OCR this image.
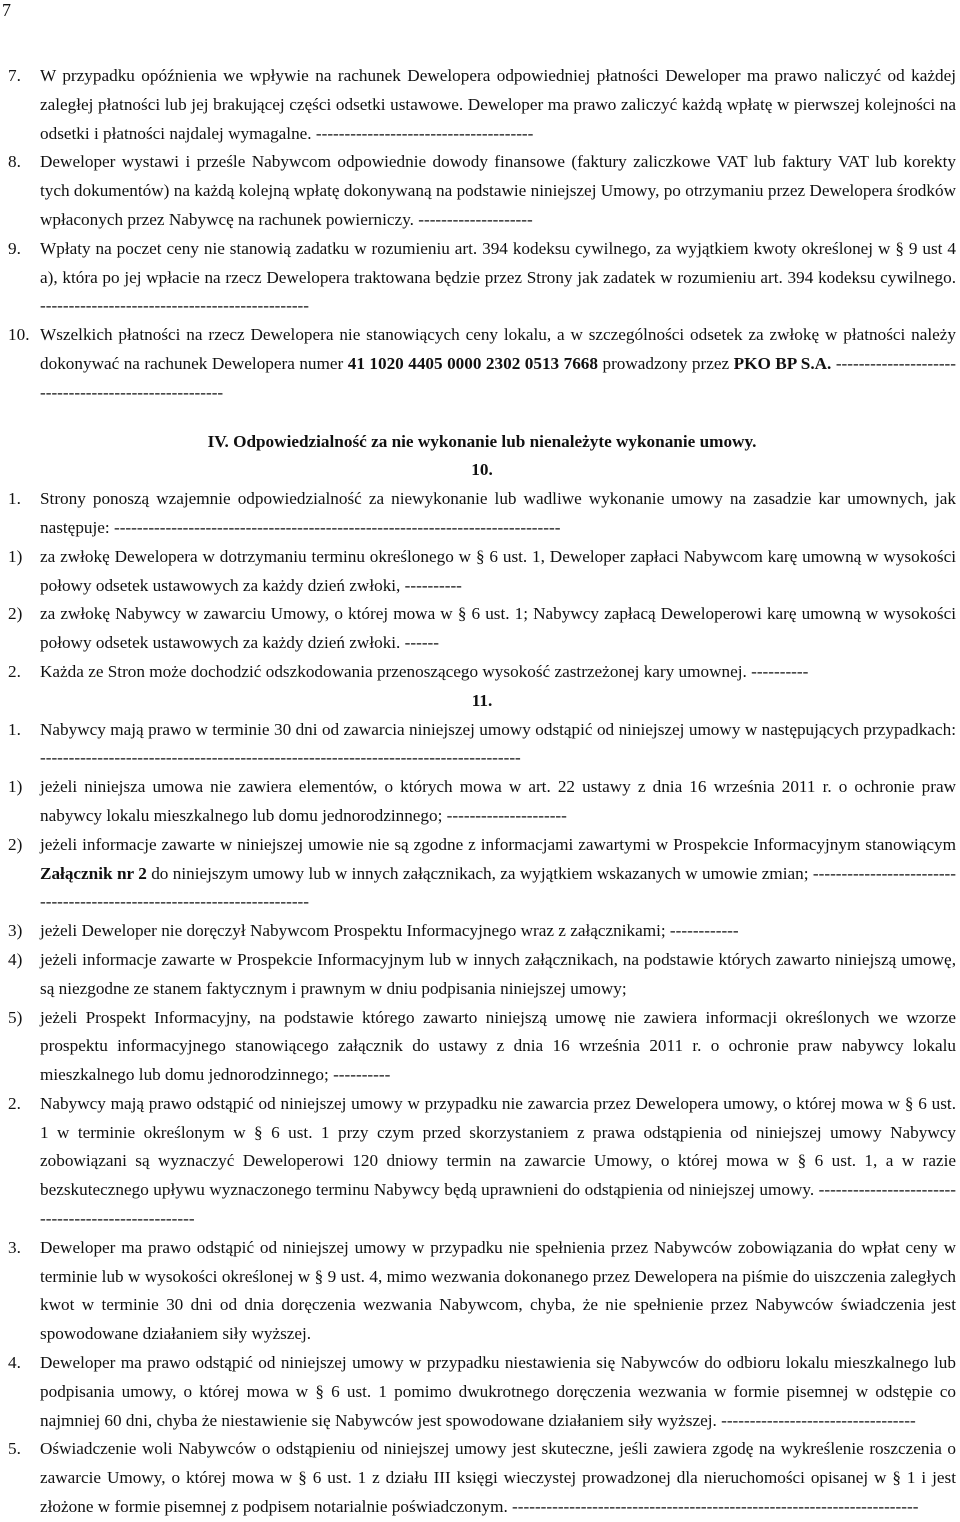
7
7. W przypadku opóźnienia we wpływie na rachunek Dewelopera odpowiedniej płatności Deweloper ma prawo naliczyć od każdej zaległej płatności lub jej brakującej części odsetki ustawowe. Deweloper ma prawo zaliczyć każdą wpłatę w pierwszej kolejności na odsetki i płatności najdalej wymagalne. --------------------------------------
8. Deweloper wystawi i prześle Nabywcom odpowiednie dowody finansowe (faktury zaliczkowe VAT lub faktury VAT lub korekty tych dokumentów) na każdą kolejną wpłatę dokonywaną na podstawie niniejszej Umowy, po otrzymaniu przez Dewelopera środków wpłaconych przez Nabywcę na rachunek powierniczy. --------------------
9. Wpłaty na poczet ceny nie stanowią zadatku w rozumieniu art. 394 kodeksu cywilnego, za wyjątkiem kwoty określonej w § 9 ust 4 a), która po jej wpłacie na rzecz Dewelopera traktowana będzie przez Strony jak zadatek w rozumieniu art. 394 kodeksu cywilnego. -----------------------------------------------
10. Wszelkich płatności na rzecz Dewelopera nie stanowiących ceny lokalu, a w szczególności odsetek za zwłokę w płatności należy dokonywać na rachunek Dewelopera numer 41 1020 4405 0000 2302 0513 7668 prowadzony przez PKO BP S.A. -----------------------------------------------------
IV. Odpowiedzialność za nie wykonanie lub nienależyte wykonanie umowy.
10.
1. Strony ponoszą wzajemnie odpowiedzialność za niewykonanie lub wadliwe wykonanie umowy na zasadzie kar umownych, jak następuje: ------------------------------------------------------------------------------
1) za zwłokę Dewelopera w dotrzymaniu terminu określonego w § 6 ust. 1, Deweloper zapłaci Nabywcom karę umowną w wysokości połowy odsetek ustawowych za każdy dzień zwłoki, ----------
2) za zwłokę Nabywcy w zawarciu Umowy, o której mowa w § 6 ust. 1; Nabywcy zapłacą Deweloperowi karę umowną w wysokości połowy odsetek ustawowych za każdy dzień zwłoki. ------
2. Każda ze Stron może dochodzić odszkodowania przenoszącego wysokość zastrzeżonej kary umownej. ----------
11.
1. Nabywcy mają prawo w terminie 30 dni od zawarcia niniejszej umowy odstąpić od niniejszej umowy w następujących przypadkach: ------------------------------------------------------------------------------------
1) jeżeli niniejsza umowa nie zawiera elementów, o których mowa w art. 22 ustawy z dnia 16 września 2011 r. o ochronie praw nabywcy lokalu mieszkalnego lub domu jednorodzinnego; ---------------------
2) jeżeli informacje zawarte w niniejszej umowie nie są zgodne z informacjami zawartymi w Prospekcie Informacyjnym stanowiącym Załącznik nr 2 do niniejszym umowy lub w innych załącznikach, za wyjątkiem wskazanych w umowie zmian; ------------------------------------------------------------------------
3) jeżeli Deweloper nie doręczył Nabywcom Prospektu Informacyjnego wraz z załącznikami; ------------
4) jeżeli informacje zawarte w Prospekcie Informacyjnym lub w innych załącznikach, na podstawie których zawarto niniejszą umowę, są niezgodne ze stanem faktycznym i prawnym w dniu podpisania niniejszej umowy;
5) jeżeli Prospekt Informacyjny, na podstawie którego zawarto niniejszą umowę nie zawiera informacji określonych we wzorze prospektu informacyjnego stanowiącego załącznik do ustawy z dnia 16 września 2011 r. o ochronie praw nabywcy lokalu mieszkalnego lub domu jednorodzinnego; ----------
2. Nabywcy mają prawo odstąpić od niniejszej umowy w przypadku nie zawarcia przez Dewelopera umowy, o której mowa w § 6 ust. 1 w terminie określonym w § 6 ust. 1 przy czym przed skorzystaniem z prawa odstąpienia od niniejszej umowy Nabywcy zobowiązani są wyznaczyć Deweloperowi 120 dniowy termin na zawarcie Umowy, o której mowa w § 6 ust. 1, a w razie bezskutecznego upływu wyznaczonego terminu Nabywcy będą uprawnieni do odstąpienia od niniejszej umowy. ---------------------------------------------------
3. Deweloper ma prawo odstąpić od niniejszej umowy w przypadku nie spełnienia przez Nabywców zobowiązania do wpłat ceny w terminie lub w wysokości określonej w § 9 ust. 4, mimo wezwania dokonanego przez Dewelopera na piśmie do uiszczenia zaległych kwot w terminie 30 dni od dnia doręczenia wezwania Nabywcom, chyba, że nie spełnienie przez Nabywców świadczenia jest spowodowane działaniem siły wyższej.
4. Deweloper ma prawo odstąpić od niniejszej umowy w przypadku niestawienia się Nabywców do odbioru lokalu mieszkalnego lub podpisania umowy, o której mowa w § 6 ust. 1 pomimo dwukrotnego doręczenia wezwania w formie pisemnej w odstępie co najmniej 60 dni, chyba że niestawienie się Nabywców jest spowodowane działaniem siły wyższej. ----------------------------------
5. Oświadczenie woli Nabywców o odstąpieniu od niniejszej umowy jest skuteczne, jeśli zawiera zgodę na wykreślenie roszczenia o zawarcie Umowy, o której mowa w § 6 ust. 1 z działu III księgi wieczystej prowadzonej dla nieruchomości opisanej w § 1 i jest złożone w formie pisemnej z podpisem notarialnie poświadczonym. -----------------------------------------------------------------------
